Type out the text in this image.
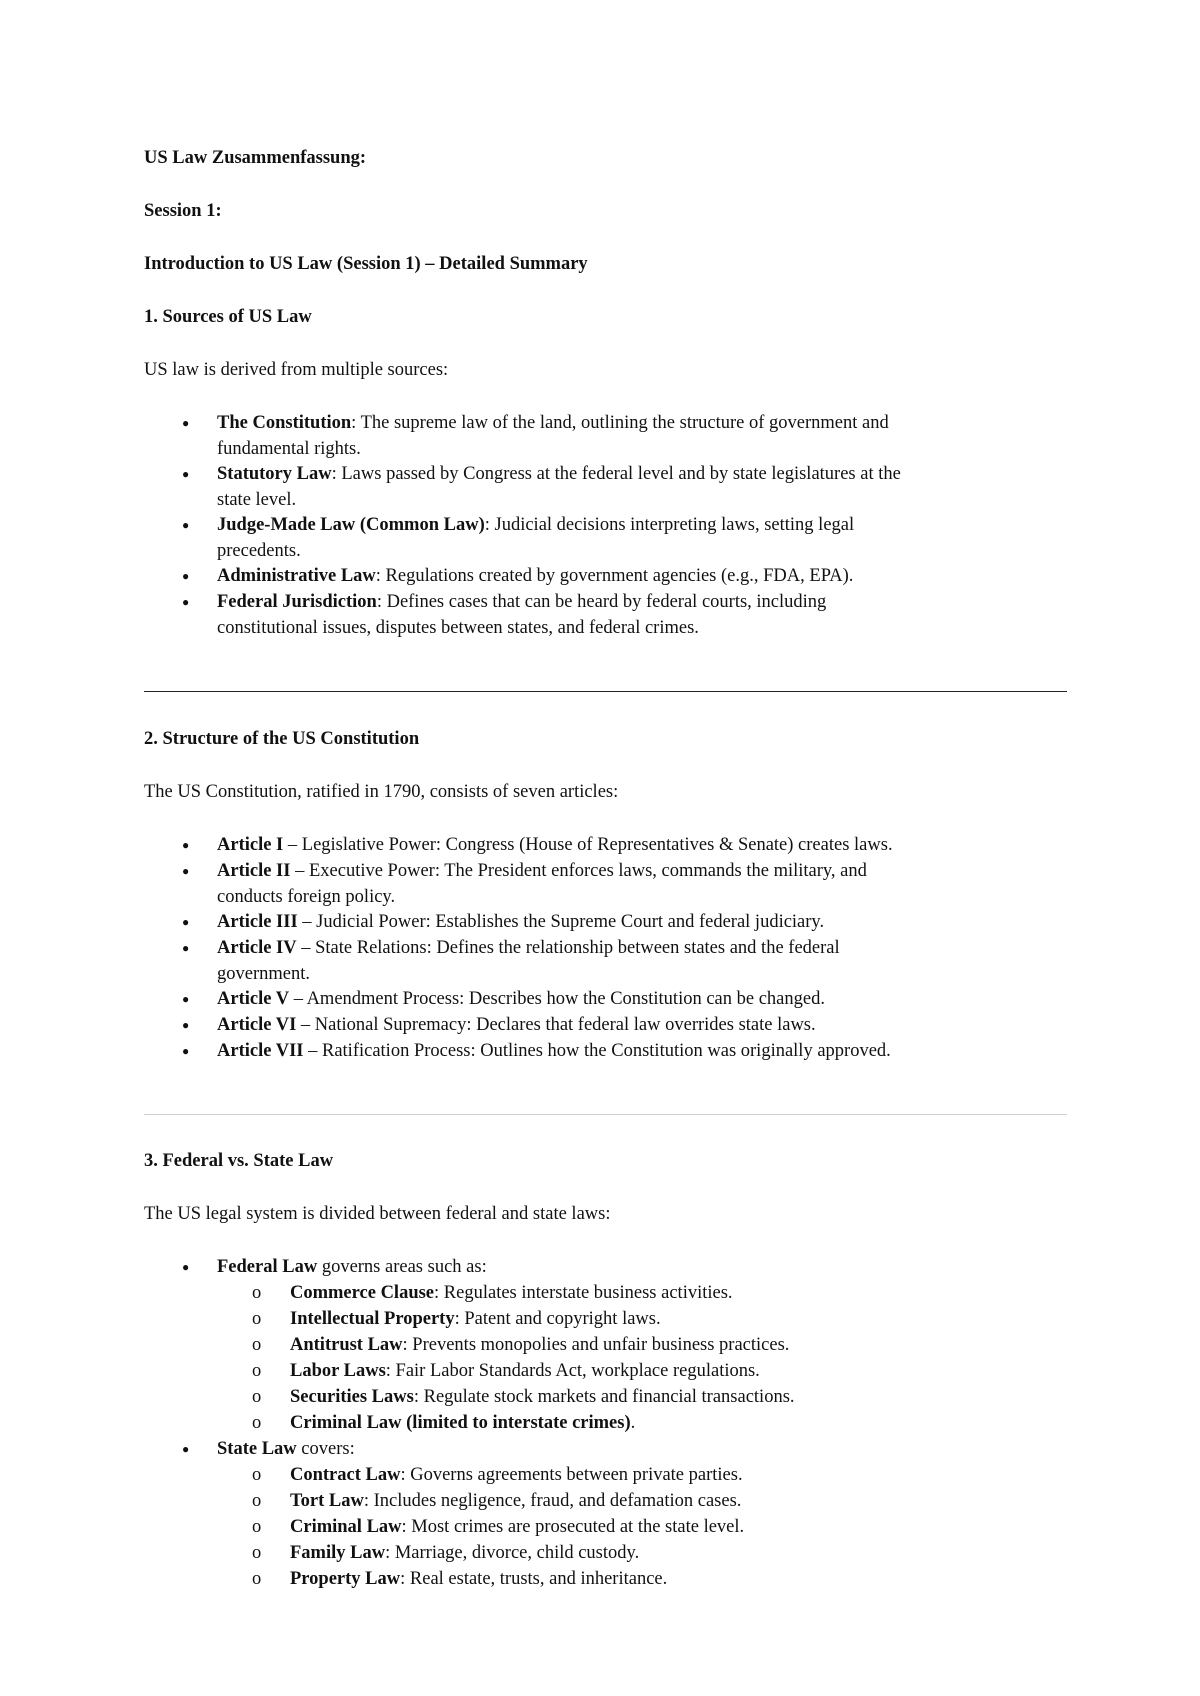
US Law Zusammenfassung:
Session 1:
Introduction to US Law (Session 1) – Detailed Summary
1. Sources of US Law
US law is derived from multiple sources:
● The Constitution: The supreme law of the land, outlining the structure of government and
fundamental rights.
● Statutory Law: Laws passed by Congress at the federal level and by state legislatures at the
state level.
● Judge-Made Law (Common Law): Judicial decisions interpreting laws, setting legal
precedents.
● Administrative Law: Regulations created by government agencies (e.g., FDA, EPA).
● Federal Jurisdiction: Defines cases that can be heard by federal courts, including
constitutional issues, disputes between states, and federal crimes.
2. Structure of the US Constitution
The US Constitution, ratified in 1790, consists of seven articles:
● Article I – Legislative Power: Congress (House of Representatives & Senate) creates laws.
● Article II – Executive Power: The President enforces laws, commands the military, and
conducts foreign policy.
● Article III – Judicial Power: Establishes the Supreme Court and federal judiciary.
● Article IV – State Relations: Defines the relationship between states and the federal
government.
● Article V – Amendment Process: Describes how the Constitution can be changed.
● Article VI – National Supremacy: Declares that federal law overrides state laws.
● Article VII – Ratification Process: Outlines how the Constitution was originally approved.
3. Federal vs. State Law
The US legal system is divided between federal and state laws:
● Federal Law governs areas such as:
o Commerce Clause: Regulates interstate business activities.
o Intellectual Property: Patent and copyright laws.
o Antitrust Law: Prevents monopolies and unfair business practices.
o Labor Laws: Fair Labor Standards Act, workplace regulations.
o Securities Laws: Regulate stock markets and financial transactions.
o Criminal Law (limited to interstate crimes).
● State Law covers:
o Contract Law: Governs agreements between private parties.
o Tort Law: Includes negligence, fraud, and defamation cases.
o Criminal Law: Most crimes are prosecuted at the state level.
o Family Law: Marriage, divorce, child custody.
o Property Law: Real estate, trusts, and inheritance.
